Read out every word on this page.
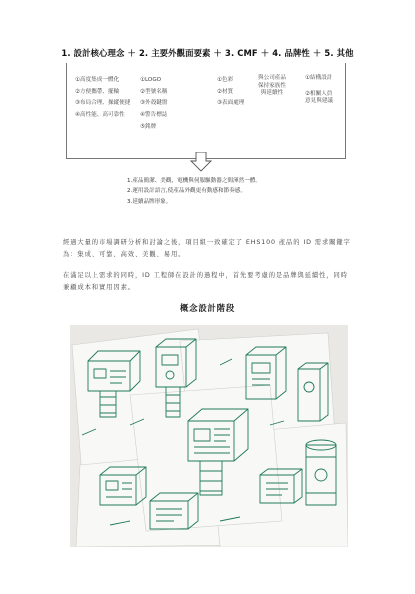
1. 設計核心理念 ＋ 2. 主要外觀面要素 ＋ 3. CMF ＋ 4. 品牌性 ＋ 5. 其他
①高度集成一體化
②方便攜帶、擺輪
③布局合理、操縱便捷
④高性能、高可靠性
①LOGO
②型號名稱
③外殼鍵盤
④警告標誌
⑤銘牌
①色彩
②材質
③表面處理
與公司產品
保持家族性
與延續性
①結構設計
②相關人員
意見與建議
1.產品簡潔、美觀，電機與伺服驅動器之間渾然一體。
2.運用設計語言,使產品外觀更有動感和節奏感。
3.延續品牌形象。

經過大量的市場調研分析和討論之後，項目組一致確定了 EHS100 產品的 ID 需求關鍵字為：集成、可靠、高效、美觀、易用。

在滿足以上需求的同時，ID 工程師在設計的過程中，首先要考慮的是品牌與延續性，同時兼顧成本和實用因素。

概念設計階段
